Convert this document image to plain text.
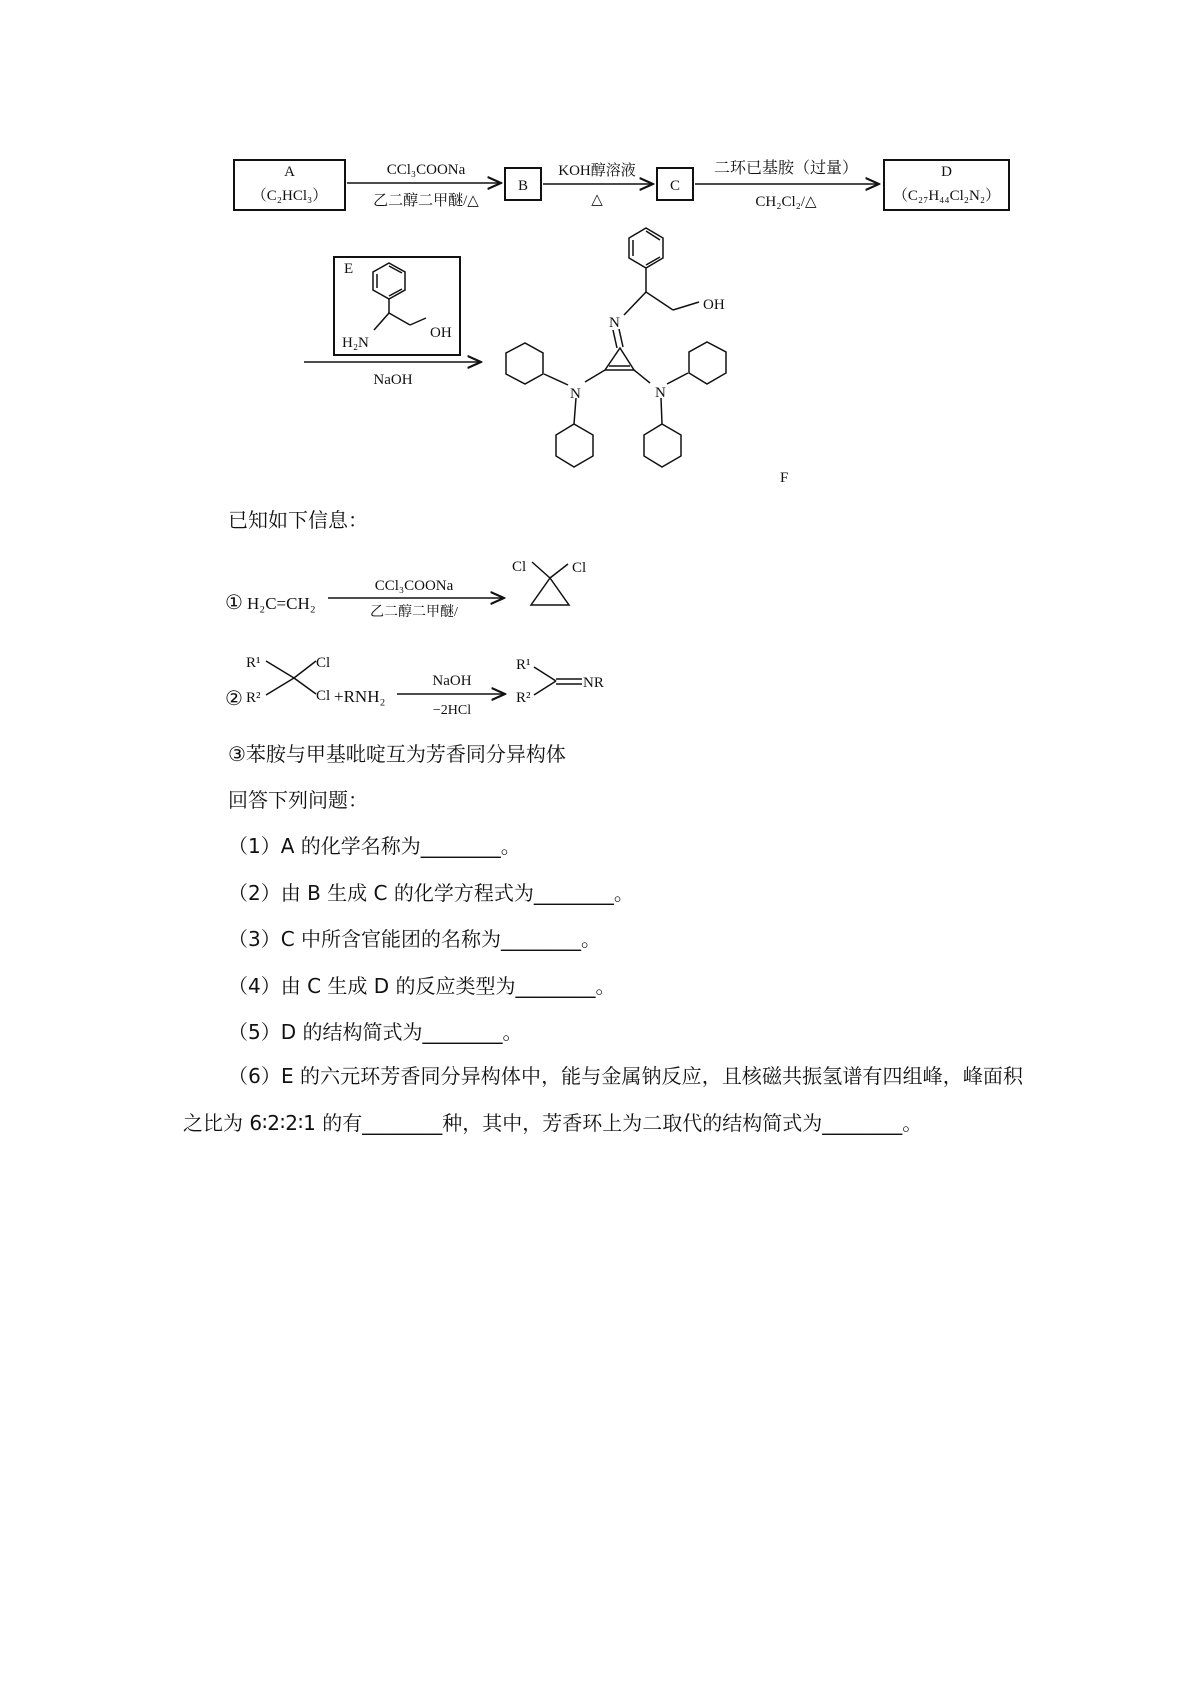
A
（C₂HCl₃）
CCl₃COONa
乙二醇二甲醚/△
B
KOH醇溶液
△
C
二环已基胺（过量）
CH₂Cl₂/△
D
（C₂₇H₄₄Cl₂N₂）
E
H₂N
OH
NaOH
OH
N
N	N
F
已知如下信息：
① H₂C=CH₂
CCl₃COONa
乙二醇二甲醚/
Cl	Cl
②
R¹
R²
Cl
Cl +RNH₂
NaOH
−2HCl
R¹
R²
NR
③苯胺与甲基吡啶互为芳香同分异构体
回答下列问题：
（1）A 的化学名称为________。
（2）由 B 生成 C 的化学方程式为________。
（3）C 中所含官能团的名称为________。
（4）由 C 生成 D 的反应类型为________。
（5）D 的结构简式为________。
（6）E 的六元环芳香同分异构体中，能与金属钠反应，且核磁共振氢谱有四组峰，峰面积之比为 6∶2∶2∶1 的有________种，其中，芳香环上为二取代的结构简式为________。
